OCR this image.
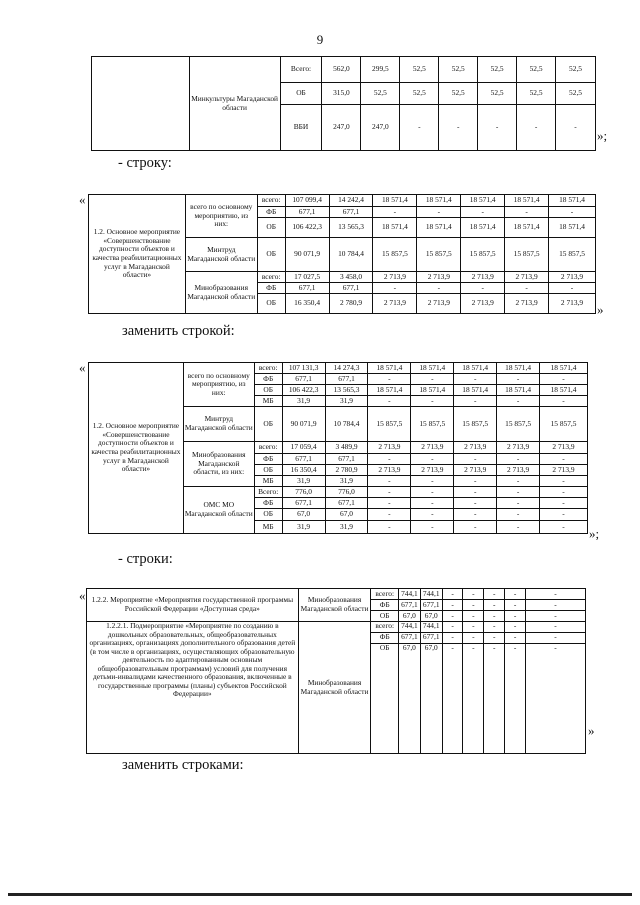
9
	Минкультуры Магаданской области	Всего:	562,0	299,5	52,5	52,5	52,5	52,5	52,5
		ОБ	315,0	52,5	52,5	52,5	52,5	52,5	52,5
		ВБИ	247,0	247,0	-	-	-	-	-
»;
- строку:
«
1.2. Основное мероприятие «Совершенствование доступности объектов и качества реабилитационных услуг в Магаданской области»	всего по основному мероприятию, из них:	всего:	107 099,4	14 242,4	18 571,4	18 571,4	18 571,4	18 571,4	18 571,4
		ФБ	677,1	677,1	-	-	-	-	-
		ОБ	106 422,3	13 565,3	18 571,4	18 571,4	18 571,4	18 571,4	18 571,4
	Минтруд Магаданской области	ОБ	90 071,9	10 784,4	15 857,5	15 857,5	15 857,5	15 857,5	15 857,5
	Минобразования Магаданской области	всего:	17 027,5	3 458,0	2 713,9	2 713,9	2 713,9	2 713,9	2 713,9
		ФБ	677,1	677,1	-	-	-	-	-
		ОБ	16 350,4	2 780,9	2 713,9	2 713,9	2 713,9	2 713,9	2 713,9 »
заменить строкой:
«
1.2. Основное мероприятие «Совершенствование доступности объектов и качества реабилитационных услуг в Магаданской области»	всего по основному мероприятию, из них:	всего:	107 131,3	14 274,3	18 571,4	18 571,4	18 571,4	18 571,4	18 571,4
		ФБ	677,1	677,1	-	-	-	-	-
		ОБ	106 422,3	13 565,3	18 571,4	18 571,4	18 571,4	18 571,4	18 571,4
		МБ	31,9	31,9	-	-	-	-	-
	Минтруд Магаданской области	ОБ	90 071,9	10 784,4	15 857,5	15 857,5	15 857,5	15 857,5	15 857,5
	Минобразования Магаданской области, из них:	всего:	17 059,4	3 489,9	2 713,9	2 713,9	2 713,9	2 713,9	2 713,9
		ФБ	677,1	677,1	-	-	-	-	-
		ОБ	16 350,4	2 780,9	2 713,9	2 713,9	2 713,9	2 713,9	2 713,9
		МБ	31,9	31,9	-	-	-	-	-
	ОМС МО Магаданской области	Всего:	776,0	776,0	-	-	-	-	-
		ФБ	677,1	677,1	-	-	-	-	-
		ОБ	67,0	67,0	-	-	-	-	-
		МБ	31,9	31,9	-	-	-	-	- »;
- строки:
« 1.2.2. Мероприятие «Мероприятия государственной программы Российской Федерации «Доступная среда»	Минобразования Магаданской области	всего:	744,1	744,1	-	-	-	-	-
		ФБ	677,1	677,1	-	-	-	-	-
		ОБ	67,0	67,0	-	-	-	-	-
1.2.2.1. Подмероприятие «Мероприятие по созданию в дошкольных образовательных, общеобразовательных организациях, организациях дополнительного образования детей (в том числе в организациях, осуществляющих образовательную деятельность по адаптированным основным общеобразовательным программам) условий для получения детьми-инвалидами качественного образования, включенные в государственные программы (планы) субъектов Российской Федерации»	Минобразования Магаданской области	всего:	744,1	744,1	-	-	-	-	-
		ФБ	677,1	677,1	-	-	-	-	-
		ОБ	67,0	67,0	-	-	-	-	-
»
заменить строками:
